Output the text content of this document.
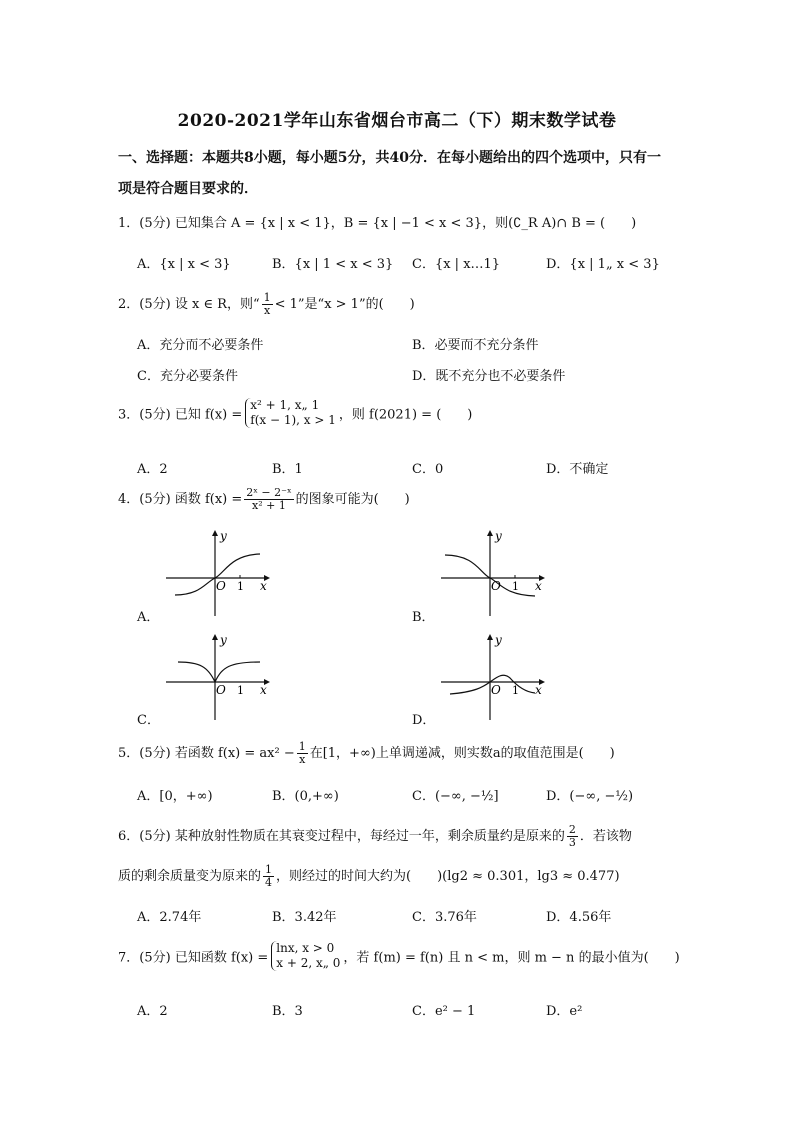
2020-2021学年山东省烟台市高二（下）期末数学试卷
一、选择题：本题共8小题，每小题5分，共40分．在每小题给出的四个选项中，只有一
项是符合题目要求的．
1．(5分) 已知集合 A = {x | x < 1}，B = {x | −1 < x < 3}，则(∁_R A)∩ B = (　　)
A．{x | x < 3}	B．{x | 1 < x < 3} C．{x | x…1}	D．{x | 1„ x < 3}
2．(5分) 设 x ∈ R，则“ $\frac{1}{x} < 1$”是“x > 1”的(　　)
A．充分而不必要条件	B．必要而不充分条件
C．充分必要条件	D．既不充分也不必要条件
3．(5分) 已知 f(x) =
x² + 1, x„ 1
f(x − 1), x > 1 ，则 f(2021) = (　　)
A．2	B．1	C．0	D．不确定
4．(5分) 函数 $f(x) = \frac{\text{2ˣ − 2⁻ˣ}}{\text{x² + 1}}$ 的图象可能为(　　)
y
x
O 1
A．
y
x
O 1
B．
y
x
O 1
C．
y
x
O 1
D．
5．(5分) 若函数 $f(x) = ax^2 - \frac{1}{x}$ 在[1，+∞)上单调递减，则实数a的取值范围是(　　)
A．[0，+∞)	B．(0,+∞)	C．(−∞, −½]	D．(−∞, −½)
6．(5分) 某种放射性物质在其衰变过程中，每经过一年，剩余质量约是原来的 $\frac{2}{3}$ ．若该物
质的剩余质量变为原来的 $\frac{1}{4}$ ，则经过的时间大约为(　　)(lg2 ≈ 0.301，lg3 ≈ 0.477)
A．2.74年	B．3.42年	C．3.76年	D．4.56年
7．(5分) 已知函数 f(x) =
lnx, x > 0
x + 2, x„ 0 ，若 f(m) = f(n) 且 n < m，则 m − n 的最小值为(　　)
A．2	B．3	C．e² − 1	D．e²
